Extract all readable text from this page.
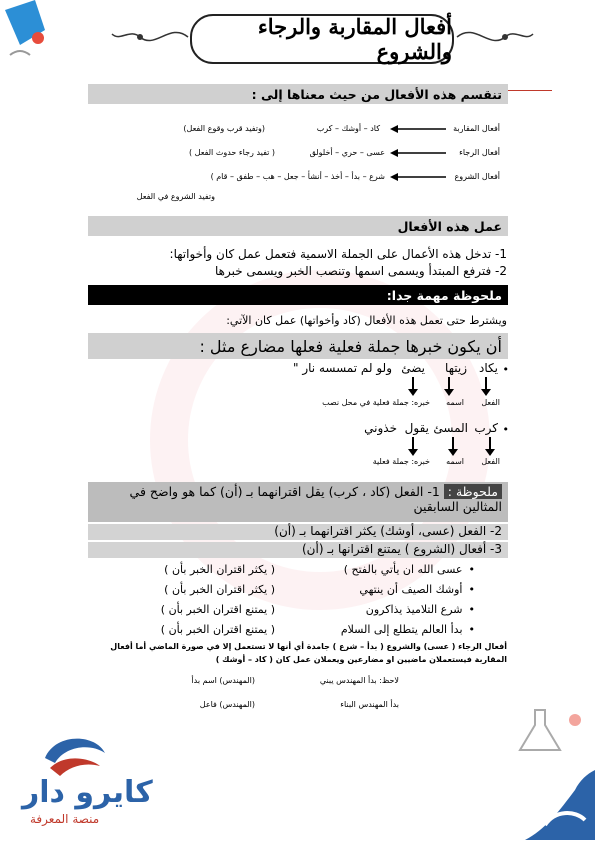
أفعال المقاربة والرجاء والشروع
تنقسم هذه الأفعال من حيث معناها إلى :
أفعال المقاربة
كاد – أوشك – كرب
(وتفيد قرب وقوع الفعل)
أفعال الرجاء
عسى – حري – أخلولق
( تفيد رجاء حدوث الفعل )
أفعال الشروع
شرع – بدأ – أخذ – أنشأ – جعل – هب – طفق – قام )
وتفيد الشروع في الفعل
عمل هذه الأفعال
1- تدخل هذه الأعمال على الجملة الاسمية فتعمل عمل كان وأخواتها:
2- فترفع المبتدأ ويسمى اسمها وتنصب الخبر ويسمى خبرها
ملحوظة مهمة جدا:
ويشترط حتى تعمل هذه الأفعال (كاد وأخواتها) عمل كان الآتي:
أن يكون خبرها جملة فعلية فعلها مضارع مثل :
•
يكاد
زيتها
يضئ
ولو لم تمسسه نار "
الفعل
اسمه
خبره: جملة فعلية في محل نصب
•
كرب
المسئ
يقول
خذوني
الفعل
اسمه
خبره: جملة فعلية
ملحوظة : 1- الفعل (كاد ، كرب) يقل اقترانهما بـ (أن) كما هو واضح في المثالين السابقين
2- الفعل (عسى، أوشك) يكثر اقترانهما بـ (أن)
3- أفعال (الشروع ) يمتنع اقترانها بـ (أن)
• عسى الله ان يأتي بالفتح )
( يكثر اقتران الخبر بأن )
• أوشك الصيف أن ينتهي
( يكثر اقتران الخبر بأن )
• شرع التلاميذ يذاكرون
( يمتنع اقتران الخبر بأن )
• بدأ العالم يتطلع إلى السلام
( يمتنع اقتران الخبر بأن )
أفعال الرجاء ( عسى) والشروع ( بدأ – شرع ) جامدة أي أنها لا تستعمل إلا في صورة الماضي أما أفعال المقاربة فيستعملان ماضيين او مضارعين ويعملان عمل كان ( كاد – أوشك )
لاحظ: بدأ المهندس يبني
(المهندس) اسم بدأ
بدأ المهندس البناء
(المهندس) فاعل
كايرو دار
منصة المعرفة
